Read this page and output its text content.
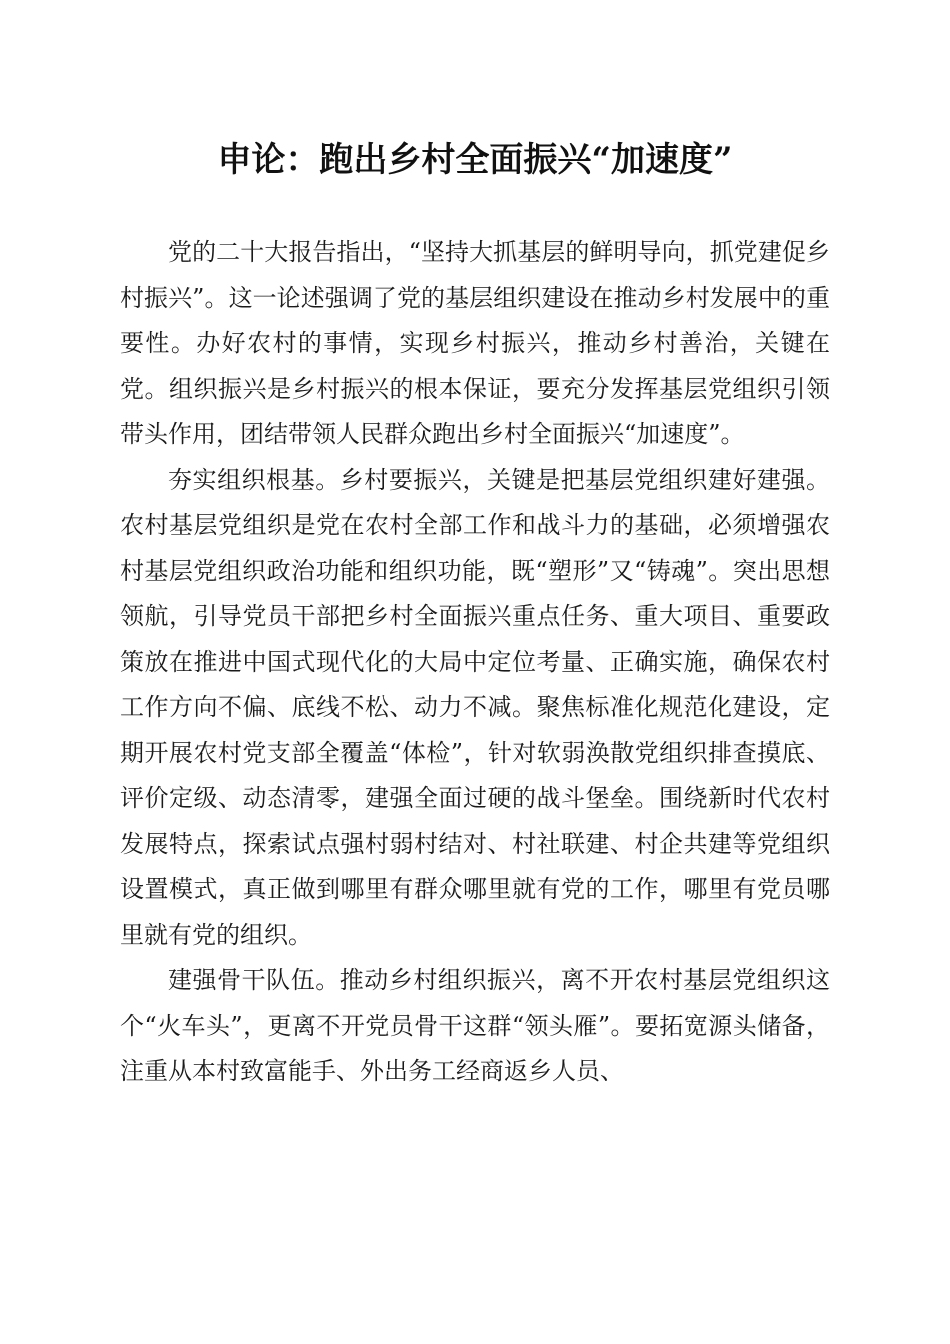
申论：跑出乡村全面振兴“加速度”

党的二十大报告指出，“坚持大抓基层的鲜明导向，抓党建促乡村振兴”。这一论述强调了党的基层组织建设在推动乡村发展中的重要性。办好农村的事情，实现乡村振兴，推动乡村善治，关键在党。组织振兴是乡村振兴的根本保证，要充分发挥基层党组织引领带头作用，团结带领人民群众跑出乡村全面振兴“加速度”。

夯实组织根基。乡村要振兴，关键是把基层党组织建好建强。农村基层党组织是党在农村全部工作和战斗力的基础，必须增强农村基层党组织政治功能和组织功能，既“塑形”又“铸魂”。突出思想领航，引导党员干部把乡村全面振兴重点任务、重大项目、重要政策放在推进中国式现代化的大局中定位考量、正确实施，确保农村工作方向不偏、底线不松、动力不减。聚焦标准化规范化建设，定期开展农村党支部全覆盖“体检”，针对软弱涣散党组织排查摸底、评价定级、动态清零，建强全面过硬的战斗堡垒。围绕新时代农村发展特点，探索试点强村弱村结对、村社联建、村企共建等党组织设置模式，真正做到哪里有群众哪里就有党的工作，哪里有党员哪里就有党的组织。

建强骨干队伍。推动乡村组织振兴，离不开农村基层党组织这个“火车头”，更离不开党员骨干这群“领头雁”。要拓宽源头储备，注重从本村致富能手、外出务工经商返乡人员、
